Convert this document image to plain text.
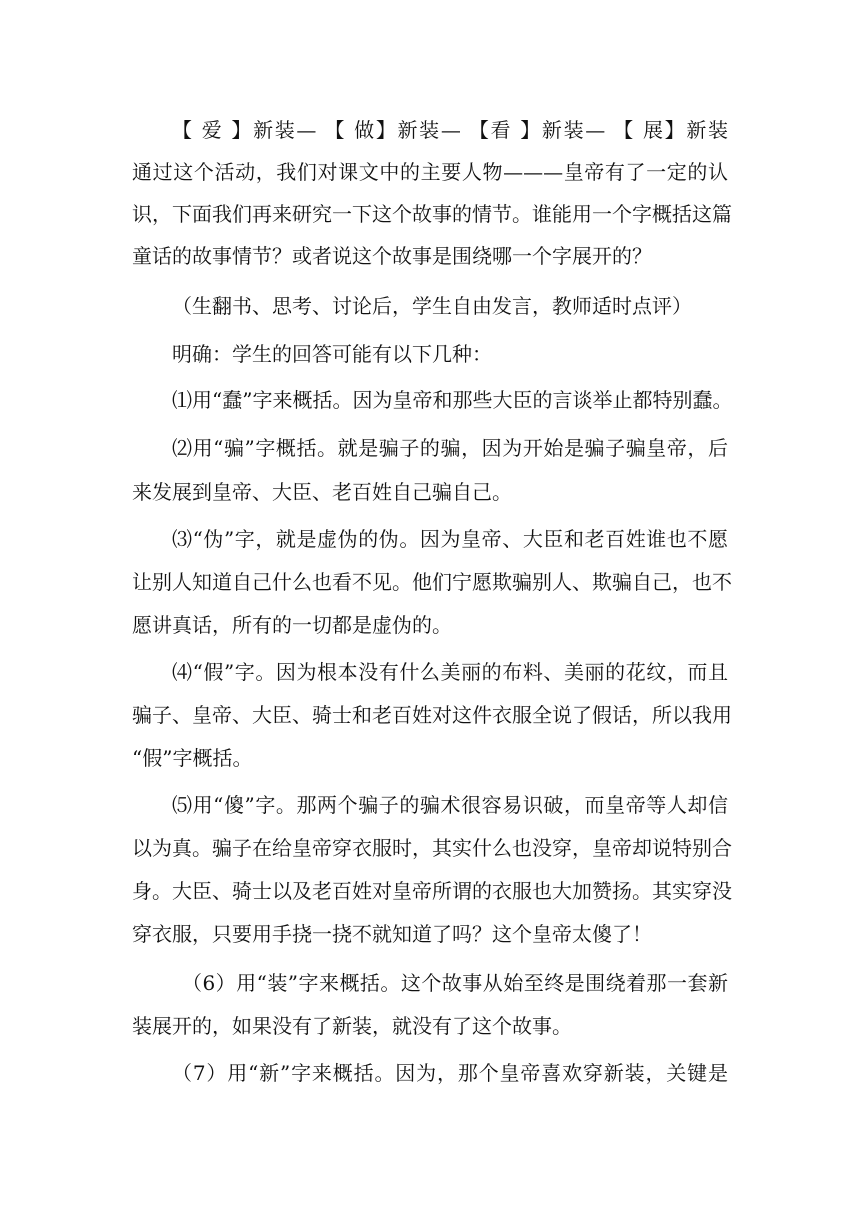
【 爱 】新装— 【 做】新装— 【看 】新装— 【 展】新装
通过这个活动，我们对课文中的主要人物———皇帝有了一定的认
识，下面我们再来研究一下这个故事的情节。谁能用一个字概括这篇
童话的故事情节？或者说这个故事是围绕哪一个字展开的？
（生翻书、思考、讨论后，学生自由发言，教师适时点评）
明确：学生的回答可能有以下几种：
⑴用“蠢”字来概括。因为皇帝和那些大臣的言谈举止都特别蠢。
⑵用“骗”字概括。就是骗子的骗，因为开始是骗子骗皇帝，后
来发展到皇帝、大臣、老百姓自己骗自己。
⑶“伪”字，就是虚伪的伪。因为皇帝、大臣和老百姓谁也不愿
让别人知道自己什么也看不见。他们宁愿欺骗别人、欺骗自己，也不
愿讲真话，所有的一切都是虚伪的。
⑷“假”字。因为根本没有什么美丽的布料、美丽的花纹，而且
骗子、皇帝、大臣、骑士和老百姓对这件衣服全说了假话，所以我用
“假”字概括。
⑸用“傻”字。那两个骗子的骗术很容易识破，而皇帝等人却信
以为真。骗子在给皇帝穿衣服时，其实什么也没穿，皇帝却说特别合
身。大臣、骑士以及老百姓对皇帝所谓的衣服也大加赞扬。其实穿没
穿衣服，只要用手挠一挠不就知道了吗？这个皇帝太傻了！
（6）用“装”字来概括。这个故事从始至终是围绕着那一套新
装展开的，如果没有了新装，就没有了这个故事。
（7）用“新”字来概括。因为，那个皇帝喜欢穿新装，关键是
